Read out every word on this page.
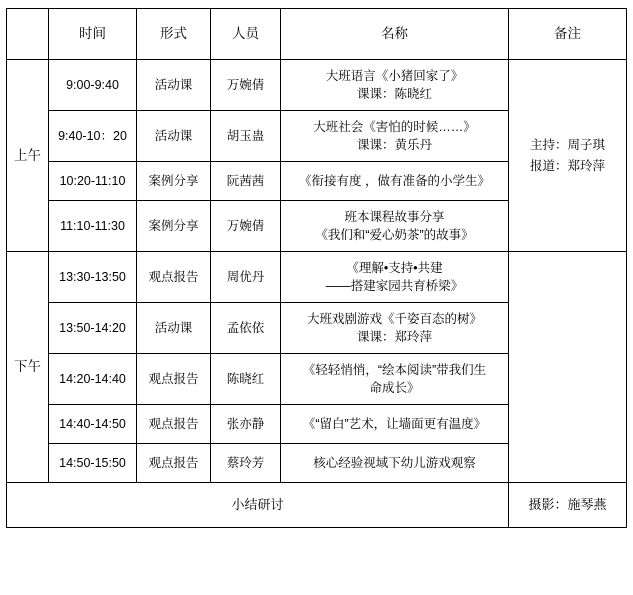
	时间	形式	人员	名称	备注
上午	9:00-9:40	活动课	万婉倩	大班语言《小猪回家了》
课课：陈晓红	主持：周子琪
报道：郑玲萍

	9:40-10：20	活动课	胡玉蛊	大班社会《害怕的时候……》
课课：黄乐丹	

	10:20-11:10	案例分享	阮茜茜	《衔接有度 ，做有准备的小学生》	

	11:10-11:30	案例分享	万婉倩	班本课程故事分享
《我们和“爱心奶茶”的故事》	

下午	13:30-13:50	观点报告	周优丹	《理解•支持•共建
——搭建家园共育桥梁》	

	13:50-14:20	活动课	孟依依	大班戏剧游戏《千姿百态的树》
课课：郑玲萍	

	14:20-14:40	观点报告	陈晓红	《轻轻悄悄，“绘本阅读”带我们生
命成长》	

	14:40-14:50	观点报告	张亦静	《“留白”艺术，让墙面更有温度》	

	14:50-15:50	观点报告	蔡玲芳	核心经验视域下幼儿游戏观察	

小结研讨					摄影：施琴燕
